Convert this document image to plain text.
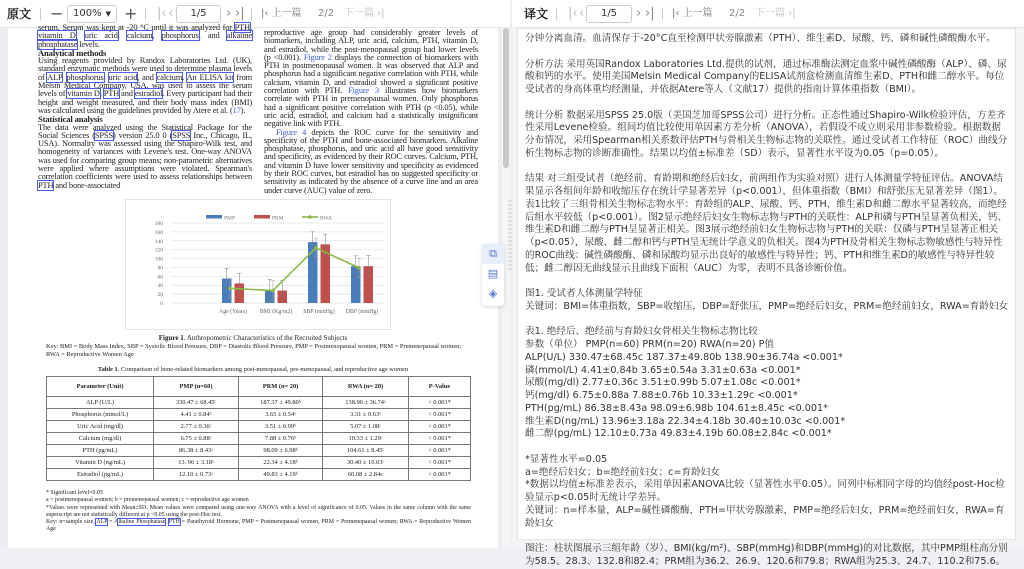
原文 − 100% ▼ + |‹ ‹	1/5	› ›| |‹ 上一篇 2/2 下一篇 ›|

serum. Serum was kept at -20 °C until it was analyzed for PTH, vitamin D, uric acid, calcium, phosphorus, and alkaline phosphatase levels.

Analytical methods

Using reagents provided by Randox Laboratories Ltd. (UK), standard enzymatic methods were used to determine plasma levels of ALP, phosphorus, uric acid, and calcium. An ELISA kit from Melsin Medical Company, USA, was used to assess the serum levels of vitamin D, PTH and estradiol. Every participant had their height and weight measured, and their body mass index (BMI) was calculated using the guidelines provided by Atere et al. (17).

Statistical analysis

The data were analyzed using the Statistical Package for the Social Sciences (SPSS) version 25.0 0 (SPSS Inc., Chicago, IL, USA). Normality was assessed using the Shapiro-Wilk test, and homogeneity of variances with Levene's test. One-way ANOVA was used for comparing group means; non-parametric alternatives were applied where assumptions were violated. Spearman's correlation coefficients were used to assess relationships between PTH and bone-associated

reproductive age group had considerably greater levels of biomarkers, including ALP, uric acid, calcium, PTH, vitamin D, and estradiol, while the post-menopausal group had lower levels (p <0.001). Figure 2 displays the connection of biomarkers with PTH in postmenopausal women. It was observed that ALP and phosphorus had a significant negative correlation with PTH, while calcium, vitamin D, and estradiol showed a significant positive correlation with PTH. Figure 3 illustrates how biomarkers correlate with PTH in premenopausal women. Only phosphorus had a significant positive correlation with PTH (p <0.05), while uric acid, estradiol, and calcium had a statistically insignificant negative link with PTH.

Figure 4 depicts the ROC curve for the sensitivity and specificity of the PTH and bone-associated biomarkers. Alkaline phosphatase, phosphorus, and uric acid all have good sensitivity and specificity, as evidenced by their ROC curves. Calcium, PTH, and vitamin D have lower sensitivity and specificity as evidenced by their ROC curves, but estradiol has no suggested specificity or sensitivity as indicated by the absence of a curve line and an area under curve (AUC) value of zero.

0
20
40
60
80
100
120
140
160
180
Age (Years) BMI (Kg/m2) SBP (mmHg) DBP (mmHg)
PMP	PRM	RWA
Figure 1. Anthropometric Characteristics of the Recruited Subjects
Key: BMI = Body Mass Index, SBP = Systolic Blood Pressure, DBP = Diastolic Blood Pressure, PMP = Postmenopausal women, PRM = Premenopausal women; RWA = Reproductive Women Age
Table 1. Comparison of bone-related biomarkers among post-menopausal, pre-menopausal, and reproductive age women
Parameter (Unit)	PMP (n=60)	PRM (n= 20)	RWA (n= 20)	P-Value
ALP (U/L)	330.47 ± 68.45ᶜ	187.37 ± 49.80ᵇ	138.90 ± 36.74ᵃ	< 0.001*
Phosphorus (mmol/L)	4.41 ± 0.84ᵇ	3.65 ± 0.54ᵃ	3.31 ± 0.63ᵃ	< 0.001*
Uric Acid (mg/dl)	2.77 ± 0.36ᶜ	3.51 ± 0.99ᵇ	5.07 ± 1.08ᶜ	< 0.001*
Calcium (mg/dl)	6.75 ± 0.88ᵃ	7.88 ± 0.76ᵇ	10.33 ± 1.29ᶜ	< 0.001*
PTH (pg/mL)	86.38 ± 8.43ᵃ	98.09 ± 6.98ᵇ	104.61 ± 8.45ᶜ	< 0.001*
Vitamin D (ng/mL)	13. 96 ± 3.18ᵃ	22.34 ± 4.18ᵇ	30.40 ± 10.03ᶜ	< 0.001*
Estradiol (pg/mL)	12.10 ± 0.73ᵃ	49.83 ± 4.19ᵇ	60.08 ± 2.84c	< 0.001*
* Significant level=0.05
a = postmenopausal women; b = premenopausal women; c = reproductive age women
*Values were represented with Mean±SD. Mean values were compared using one-way ANOVA with a level of significance of 0.05. Values in the same column with the same superscript are not statistically different at p <0.05 using the post-Hoc test.
Key: n=sample size, ALP = Alkaline Phosphatase, PTH = Parathyroid Hormone, PMP = Postmenopausal women, PRM = Premenopausal women; RWA = Reproductive Women Age
⧉
▤
◈
译文 |‹ ‹	1/5	› ›| |‹ 上一篇 2/2 下一篇 ›|

分钟分离血清。血清保存于-20°C直至检测甲状旁腺激素（PTH）、维生素D、尿酸、钙、磷和碱性磷酸酶水平。

分析方法 采用英国Randox Laboratories Ltd.提供的试剂，通过标准酶法测定血浆中碱性磷酸酶（ALP）、磷、尿酸和钙的水平。使用美国Melsin Medical Company的ELISA试剂盒检测血清维生素D、PTH和雌二醇水平。每位受试者的身高体重均经测量，并依据Atere等人（文献17）提供的指南计算体重指数（BMI）。

统计分析 数据采用SPSS 25.0版（美国芝加哥SPSS公司）进行分析。正态性通过Shapiro-Wilk检验评估，方差齐性采用Levene检验。组间均值比较使用单因素方差分析（ANOVA），若假设不成立则采用非参数检验。根据数据分布情况，采用Spearman相关系数评估PTH与骨相关生物标志物的关联性。通过受试者工作特征（ROC）曲线分析生物标志物的诊断准确性。结果以均值±标准差（SD）表示，显著性水平设为0.05（p=0.05）。

结果 对三组受试者（绝经前、育龄期和绝经后妇女，前两组作为实验对照）进行人体测量学特征评估。ANOVA结果显示各组间年龄和收缩压存在统计学显著差异（p<0.001），但体重指数（BMI）和舒张压无显著差异（图1）。表1比较了三组骨相关生物标志物水平：育龄组的ALP、尿酸、钙、PTH、维生素D和雌二醇水平显著较高，而绝经后组水平较低（p<0.001）。图2显示绝经后妇女生物标志物与PTH的关联性：ALP和磷与PTH呈显著负相关，钙、维生素D和雌二醇与PTH呈显著正相关。图3展示绝经前妇女生物标志物与PTH的关联：仅磷与PTH呈显著正相关（p<0.05），尿酸、雌二醇和钙与PTH呈无统计学意义的负相关。图4为PTH及骨相关生物标志物敏感性与特异性的ROC曲线：碱性磷酸酶、磷和尿酸均显示出良好的敏感性与特异性；钙、PTH和维生素D的敏感性与特异性较低；雌二醇因无曲线显示且曲线下面积（AUC）为零，表明不具备诊断价值。

图1. 受试者人体测量学特征

关键词：BMI=体重指数，SBP=收缩压，DBP=舒张压，PMP=绝经后妇女，PRM=绝经前妇女，RWA=育龄妇女

表1. 绝经后、绝经前与育龄妇女骨相关生物标志物比较

参数（单位） PMP(n=60) PRM(n=20) RWA(n=20) P值

ALP(U/L) 330.47±68.45c 187.37±49.80b 138.90±36.74a <0.001*

磷(mmol/L) 4.41±0.84b 3.65±0.54a 3.31±0.63a <0.001*

尿酸(mg/dl) 2.77±0.36c 3.51±0.99b 5.07±1.08c <0.001*

钙(mg/dl) 6.75±0.88a 7.88±0.76b 10.33±1.29c <0.001*

PTH(pg/mL) 86.38±8.43a 98.09±6.98b 104.61±8.45c <0.001*

维生素D(ng/mL) 13.96±3.18a 22.34±4.18b 30.40±10.03c <0.001*

雌二醇(pg/mL) 12.10±0.73a 49.83±4.19b 60.08±2.84c <0.001*

*显著性水平=0.05

a=绝经后妇女；b=绝经前妇女；c=育龄妇女

*数据以均值±标准差表示，采用单因素ANOVA比较（显著性水平0.05）。同列中标相同字母的均值经post-Hoc检验显示p<0.05时无统计学差异。

关键词：n=样本量，ALP=碱性磷酸酶，PTH=甲状旁腺激素，PMP=绝经后妇女，PRM=绝经前妇女，RWA=育龄妇女

图注：柱状图展示三组年龄（岁）、BMI(kg/m²)、SBP(mmHg)和DBP(mmHg)的对比数据，其中PMP组柱高分别为58.5、28.3、132.8和82.4；PRM组为36.2、26.9、120.6和79.8；RWA组为25.3、24.7、110.2和75.6。
